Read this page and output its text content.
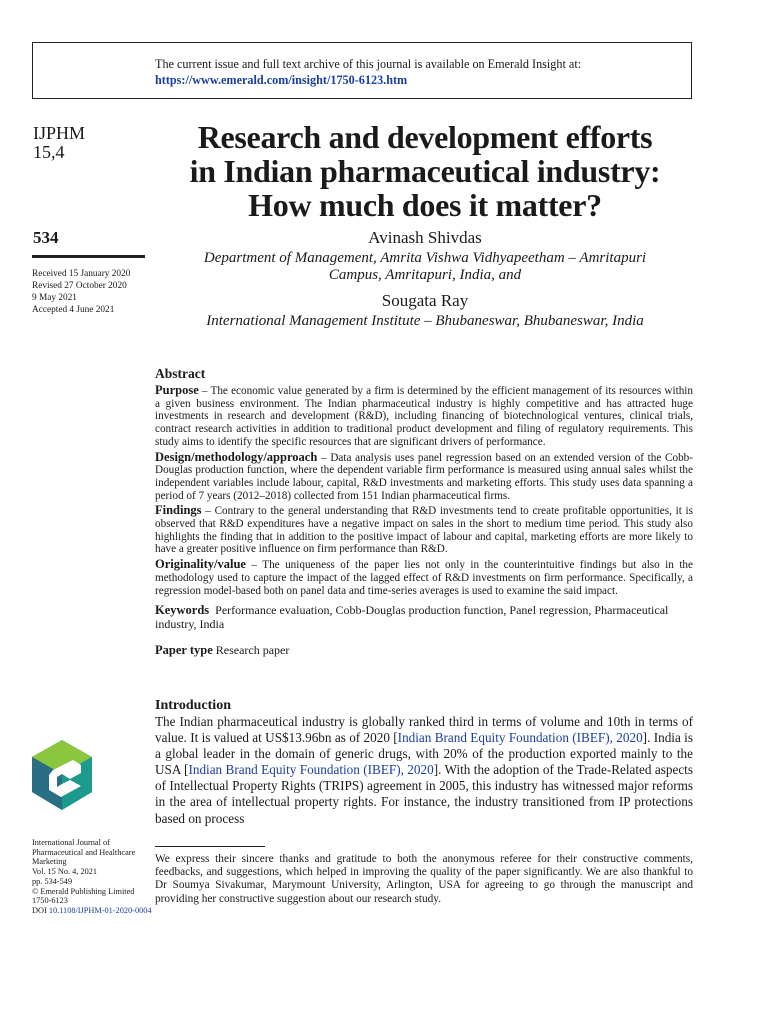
The current issue and full text archive of this journal is available on Emerald Insight at:
https://www.emerald.com/insight/1750-6123.htm
IJPHM
15,4
534
Received 15 January 2020
Revised 27 October 2020
9 May 2021
Accepted 4 June 2021
Research and development efforts
in Indian pharmaceutical industry:
How much does it matter?
Avinash Shivdas
Department of Management, Amrita Vishwa Vidhyapeetham – Amritapuri
Campus, Amritapuri, India, and
Sougata Ray
International Management Institute – Bhubaneswar, Bhubaneswar, India
Abstract

Purpose – The economic value generated by a firm is determined by the efficient management of its resources within a given business environment. The Indian pharmaceutical industry is highly competitive and has attracted huge investments in research and development (R&D), including financing of biotechnological ventures, clinical trials, contract research activities in addition to traditional product development and filing of regulatory requirements. This study aims to identify the specific resources that are significant drivers of performance.

Design/methodology/approach – Data analysis uses panel regression based on an extended version of the Cobb-Douglas production function, where the dependent variable firm performance is measured using annual sales whilst the independent variables include labour, capital, R&D investments and marketing efforts. This study uses data spanning a period of 7 years (2012–2018) collected from 151 Indian pharmaceutical firms.

Findings – Contrary to the general understanding that R&D investments tend to create profitable opportunities, it is observed that R&D expenditures have a negative impact on sales in the short to medium time period. This study also highlights the finding that in addition to the positive impact of labour and capital, marketing efforts are more likely to have a greater positive influence on firm performance than R&D.

Originality/value – The uniqueness of the paper lies not only in the counterintuitive findings but also in the methodology used to capture the impact of the lagged effect of R&D investments on firm performance. Specifically, a regression model-based both on panel data and time-series averages is used to examine the said impact.

Keywords Performance evaluation, Cobb-Douglas production function, Panel regression, Pharmaceutical industry, India
Paper type Research paper
Introduction

The Indian pharmaceutical industry is globally ranked third in terms of volume and 10th in terms of value. It is valued at US$13.96bn as of 2020 [Indian Brand Equity Foundation (IBEF), 2020]. India is a global leader in the domain of generic drugs, with 20% of the production exported mainly to the USA [Indian Brand Equity Foundation (IBEF), 2020]. With the adoption of the Trade-Related aspects of Intellectual Property Rights (TRIPS) agreement in 2005, this industry has witnessed major reforms in the area of intellectual property rights. For instance, the industry transitioned from IP protections based on process

International Journal of
Pharmaceutical and Healthcare
Marketing
Vol. 15 No. 4, 2021
pp. 534-549
© Emerald Publishing Limited
1750-6123
DOI 10.1108/IJPHM-01-2020-0004
We express their sincere thanks and gratitude to both the anonymous referee for their constructive comments, feedbacks, and suggestions, which helped in improving the quality of the paper significantly. We are also thankful to Dr Soumya Sivakumar, Marymount University, Arlington, USA for agreeing to go through the manuscript and providing her constructive suggestion about our research study.
